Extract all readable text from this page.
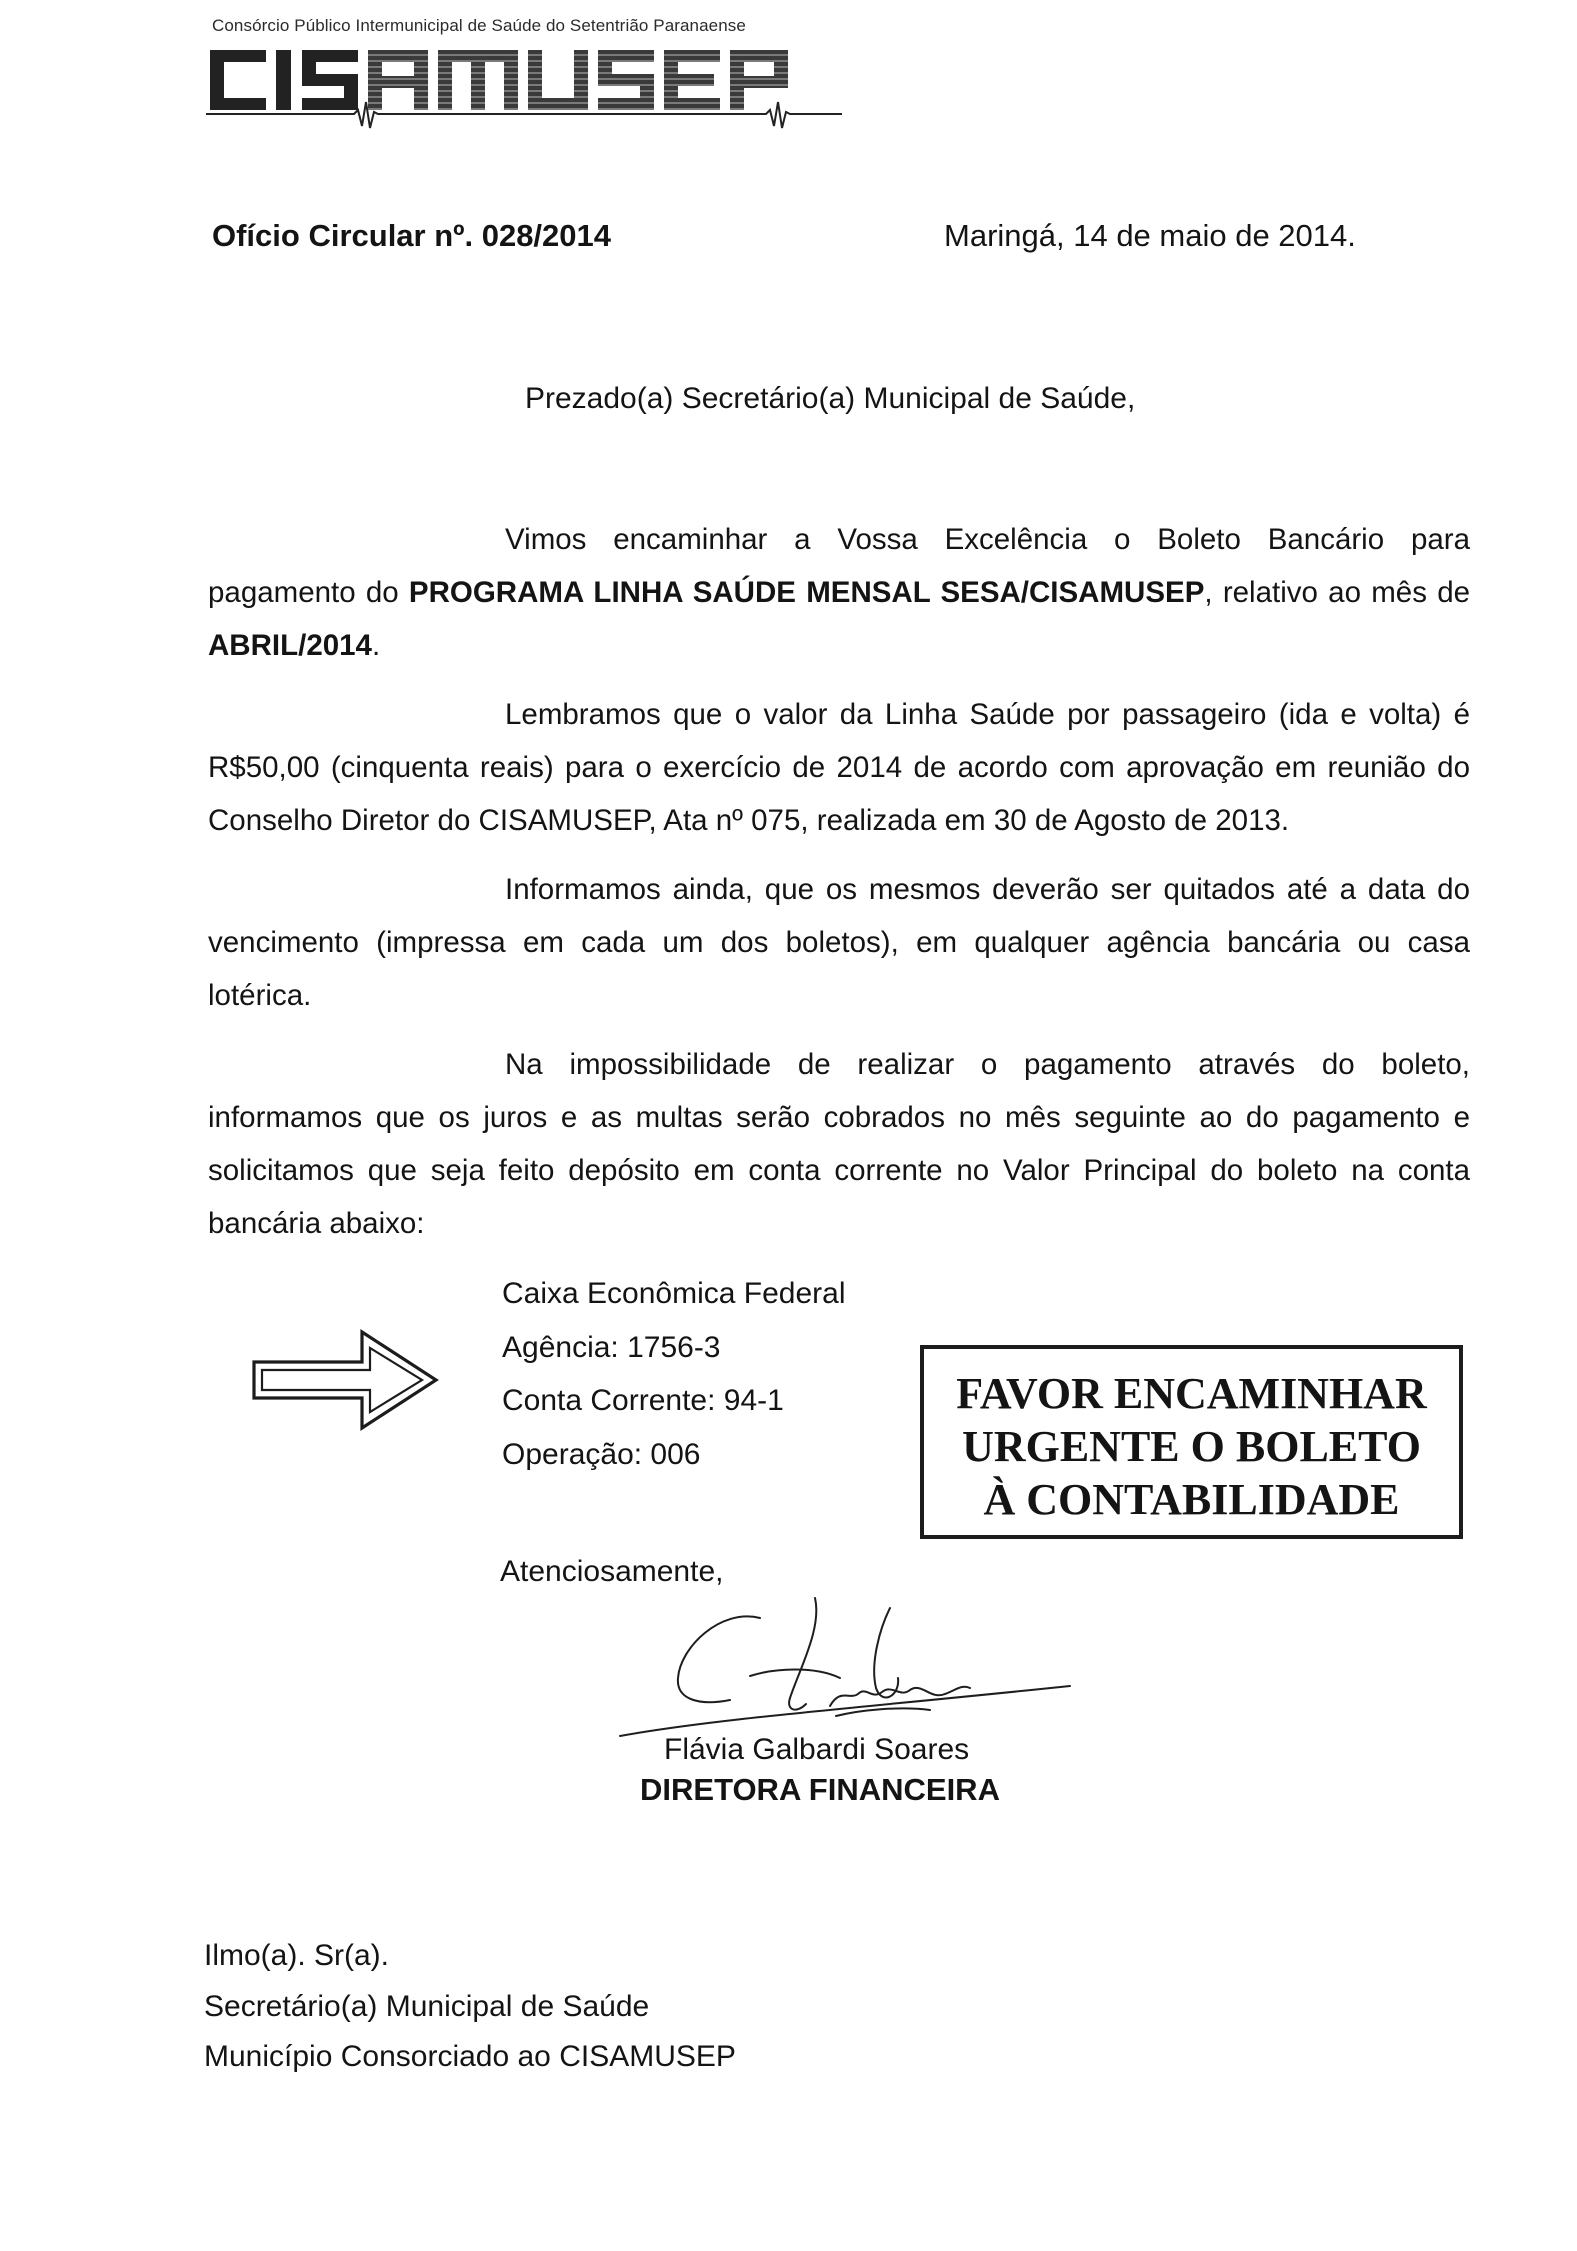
Consórcio Público Intermunicipal de Saúde do Setentrião Paranaense
Ofício Circular nº. 028/2014	Maringá, 14 de maio de 2014.
Prezado(a) Secretário(a) Municipal de Saúde,
Vimos encaminhar a Vossa Excelência o Boleto Bancário para pagamento do PROGRAMA LINHA SAÚDE MENSAL SESA/CISAMUSEP, relativo ao mês de ABRIL/2014.
Lembramos que o valor da Linha Saúde por passageiro (ida e volta) é R$50,00 (cinquenta reais) para o exercício de 2014 de acordo com aprovação em reunião do Conselho Diretor do CISAMUSEP, Ata nº 075, realizada em 30 de Agosto de 2013.
Informamos ainda, que os mesmos deverão ser quitados até a data do vencimento (impressa em cada um dos boletos), em qualquer agência bancária ou casa lotérica.
Na impossibilidade de realizar o pagamento através do boleto, informamos que os juros e as multas serão cobrados no mês seguinte ao do pagamento e solicitamos que seja feito depósito em conta corrente no Valor Principal do boleto na conta bancária abaixo:
Caixa Econômica Federal
Agência: 1756-3
Conta Corrente: 94-1
Operação: 006
FAVOR ENCAMINHAR
URGENTE O BOLETO
À CONTABILIDADE
Atenciosamente,
Flávia Galbardi Soares
DIRETORA FINANCEIRA
Ilmo(a). Sr(a).
Secretário(a) Municipal de Saúde
Município Consorciado ao CISAMUSEP
